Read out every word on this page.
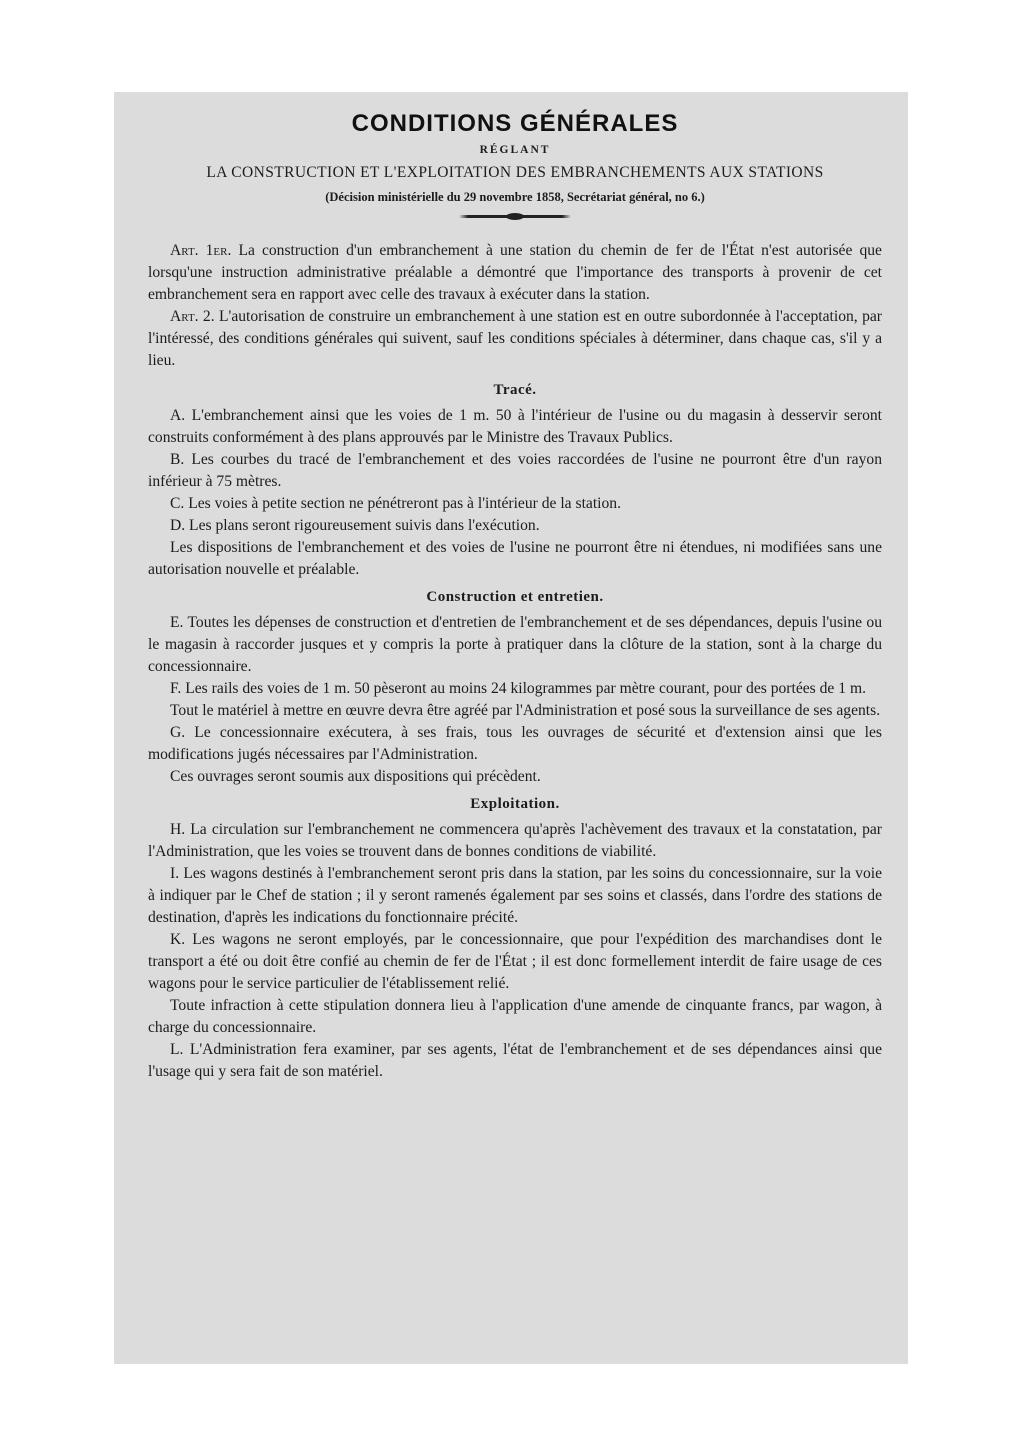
CONDITIONS GÉNÉRALES
RÉGLANT
LA CONSTRUCTION ET L'EXPLOITATION DES EMBRANCHEMENTS AUX STATIONS
(Décision ministérielle du 29 novembre 1858, Secrétariat général, no 6.)

Art. 1er. La construction d'un embranchement à une station du chemin de fer de l'État n'est autorisée que lorsqu'une instruction administrative préalable a démontré que l'importance des transports à provenir de cet embranchement sera en rapport avec celle des travaux à exécuter dans la station.

Art. 2. L'autorisation de construire un embranchement à une station est en outre subordonnée à l'acceptation, par l'intéressé, des conditions générales qui suivent, sauf les conditions spéciales à déterminer, dans chaque cas, s'il y a lieu.

Tracé.

A. L'embranchement ainsi que les voies de 1 m. 50 à l'intérieur de l'usine ou du magasin à desservir seront construits conformément à des plans approuvés par le Ministre des Travaux Publics.

B. Les courbes du tracé de l'embranchement et des voies raccordées de l'usine ne pourront être d'un rayon inférieur à 75 mètres.

C. Les voies à petite section ne pénétreront pas à l'intérieur de la station.

D. Les plans seront rigoureusement suivis dans l'exécution.

Les dispositions de l'embranchement et des voies de l'usine ne pourront être ni étendues, ni modifiées sans une autorisation nouvelle et préalable.

Construction et entretien.

E. Toutes les dépenses de construction et d'entretien de l'embranchement et de ses dépendances, depuis l'usine ou le magasin à raccorder jusques et y compris la porte à pratiquer dans la clôture de la station, sont à la charge du concessionnaire.

F. Les rails des voies de 1 m. 50 pèseront au moins 24 kilogrammes par mètre courant, pour des portées de 1 m.

Tout le matériel à mettre en œuvre devra être agréé par l'Administration et posé sous la surveillance de ses agents.

G. Le concessionnaire exécutera, à ses frais, tous les ouvrages de sécurité et d'extension ainsi que les modifications jugés nécessaires par l'Administration.

Ces ouvrages seront soumis aux dispositions qui précèdent.

Exploitation.

H. La circulation sur l'embranchement ne commencera qu'après l'achèvement des travaux et la constatation, par l'Administration, que les voies se trouvent dans de bonnes conditions de viabilité.

I. Les wagons destinés à l'embranchement seront pris dans la station, par les soins du concessionnaire, sur la voie à indiquer par le Chef de station ; il y seront ramenés également par ses soins et classés, dans l'ordre des stations de destination, d'après les indications du fonctionnaire précité.

K. Les wagons ne seront employés, par le concessionnaire, que pour l'expédition des marchandises dont le transport a été ou doit être confié au chemin de fer de l'État ; il est donc formellement interdit de faire usage de ces wagons pour le service particulier de l'établissement relié.

Toute infraction à cette stipulation donnera lieu à l'application d'une amende de cinquante francs, par wagon, à charge du concessionnaire.

L. L'Administration fera examiner, par ses agents, l'état de l'embranchement et de ses dépendances ainsi que l'usage qui y sera fait de son matériel.
